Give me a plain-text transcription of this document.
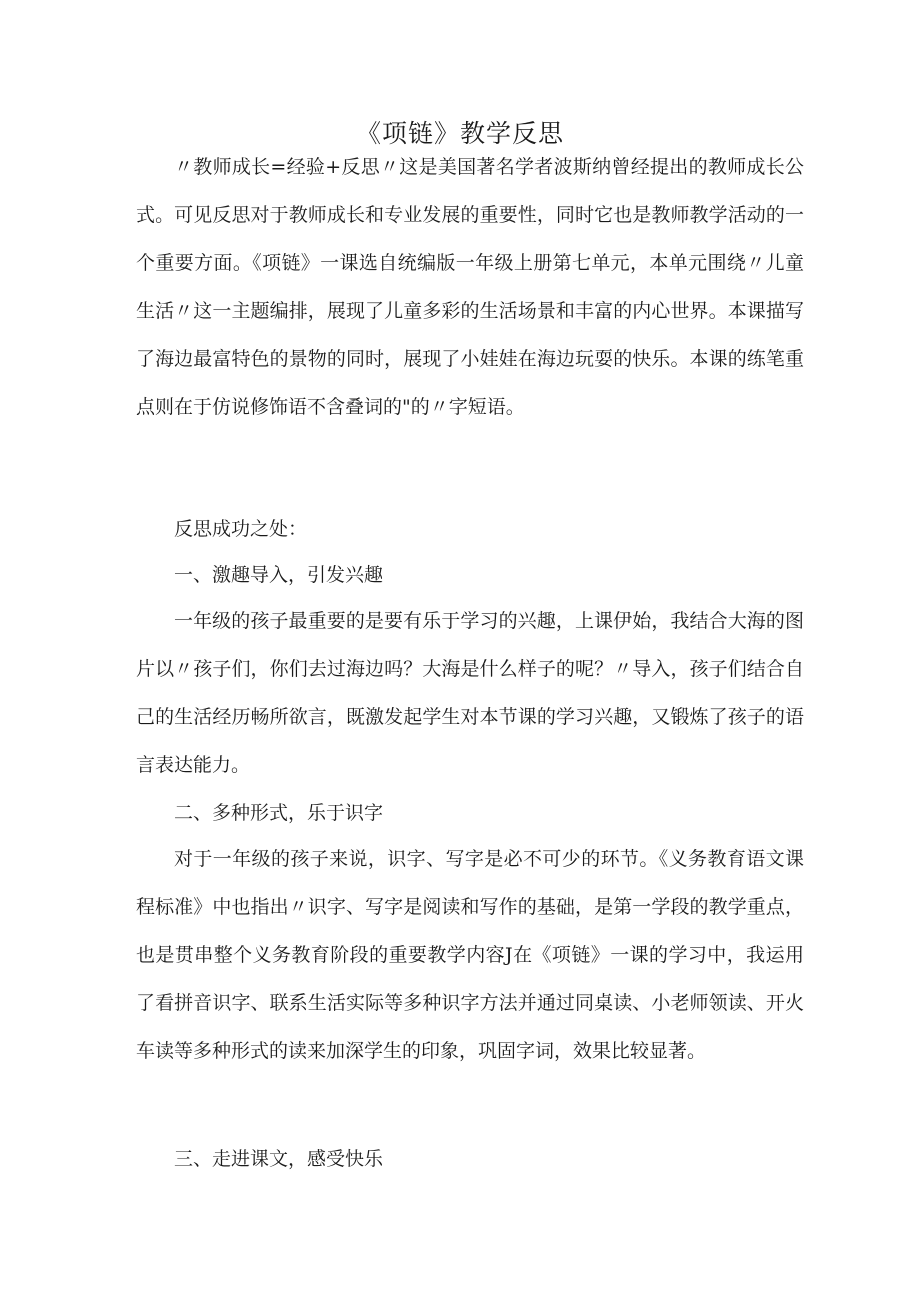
《项链》教学反思

〃教师成长=经验+反思〃这是美国著名学者波斯纳曾经提出的教师成长公式。可见反思对于教师成长和专业发展的重要性，同时它也是教师教学活动的一个重要方面。《项链》一课选自统编版一年级上册第七单元，本单元围绕〃儿童生活〃这一主题编排，展现了儿童多彩的生活场景和丰富的内心世界。本课描写了海边最富特色的景物的同时，展现了小娃娃在海边玩耍的快乐。本课的练笔重点则在于仿说修饰语不含叠词的"的〃字短语。

反思成功之处：

一、激趣导入，引发兴趣

一年级的孩子最重要的是要有乐于学习的兴趣，上课伊始，我结合大海的图片以〃孩子们，你们去过海边吗？大海是什么样子的呢？〃导入，孩子们结合自己的生活经历畅所欲言，既激发起学生对本节课的学习兴趣，又锻炼了孩子的语言表达能力。

二、多种形式，乐于识字

对于一年级的孩子来说，识字、写字是必不可少的环节。《义务教育语文课程标准》中也指出〃识字、写字是阅读和写作的基础，是第一学段的教学重点，也是贯串整个义务教育阶段的重要教学内容J在《项链》一课的学习中，我运用了看拼音识字、联系生活实际等多种识字方法并通过同桌读、小老师领读、开火车读等多种形式的读来加深学生的印象，巩固字词，效果比较显著。

三、走进课文，感受快乐
